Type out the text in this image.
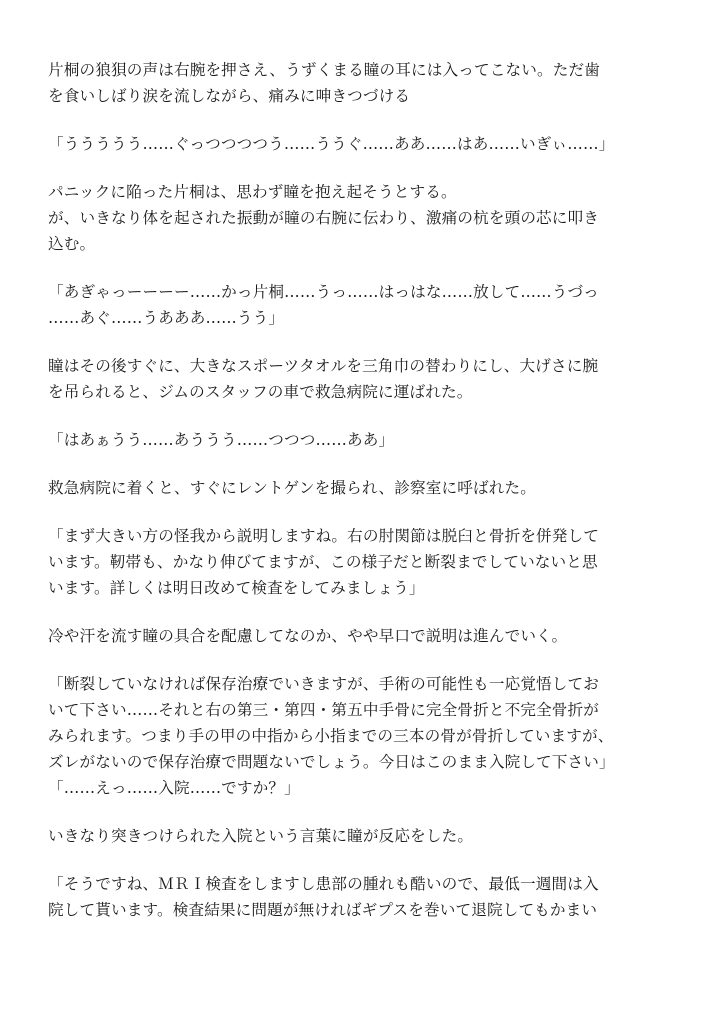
片桐の狼狽の声は右腕を押さえ、うずくまる瞳の耳には入ってこない。ただ歯
を食いしばり涙を流しながら、痛みに呻きつづける

「ううううう……ぐっつつつつう……ううぐ……ああ……はあ……いぎぃ……」

パニックに陥った片桐は、思わず瞳を抱え起そうとする。
が、いきなり体を起された振動が瞳の右腕に伝わり、激痛の杭を頭の芯に叩き
込む。

「あぎゃっーーーー……かっ片桐……うっ……はっはな……放して……うづっ
……あぐ……うあああ……うう」

瞳はその後すぐに、大きなスポーツタオルを三角巾の替わりにし、大げさに腕
を吊られると、ジムのスタッフの車で救急病院に運ばれた。

「はあぁうう……あううう……つつつ……ああ」

救急病院に着くと、すぐにレントゲンを撮られ、診察室に呼ばれた。

「まず大きい方の怪我から説明しますね。右の肘関節は脱臼と骨折を併発して
います。靭帯も、かなり伸びてますが、この様子だと断裂までしていないと思
います。詳しくは明日改めて検査をしてみましょう」

冷や汗を流す瞳の具合を配慮してなのか、やや早口で説明は進んでいく。

「断裂していなければ保存治療でいきますが、手術の可能性も一応覚悟してお
いて下さい……それと右の第三・第四・第五中手骨に完全骨折と不完全骨折が
みられます。つまり手の甲の中指から小指までの三本の骨が骨折していますが、
ズレがないので保存治療で問題ないでしょう。今日はこのまま入院して下さい」

「……えっ……入院……ですか？」

いきなり突きつけられた入院という言葉に瞳が反応をした。

「そうですね、ＭＲＩ検査をしますし患部の腫れも酷いので、最低一週間は入
院して貰います。検査結果に問題が無ければギプスを巻いて退院してもかまい
